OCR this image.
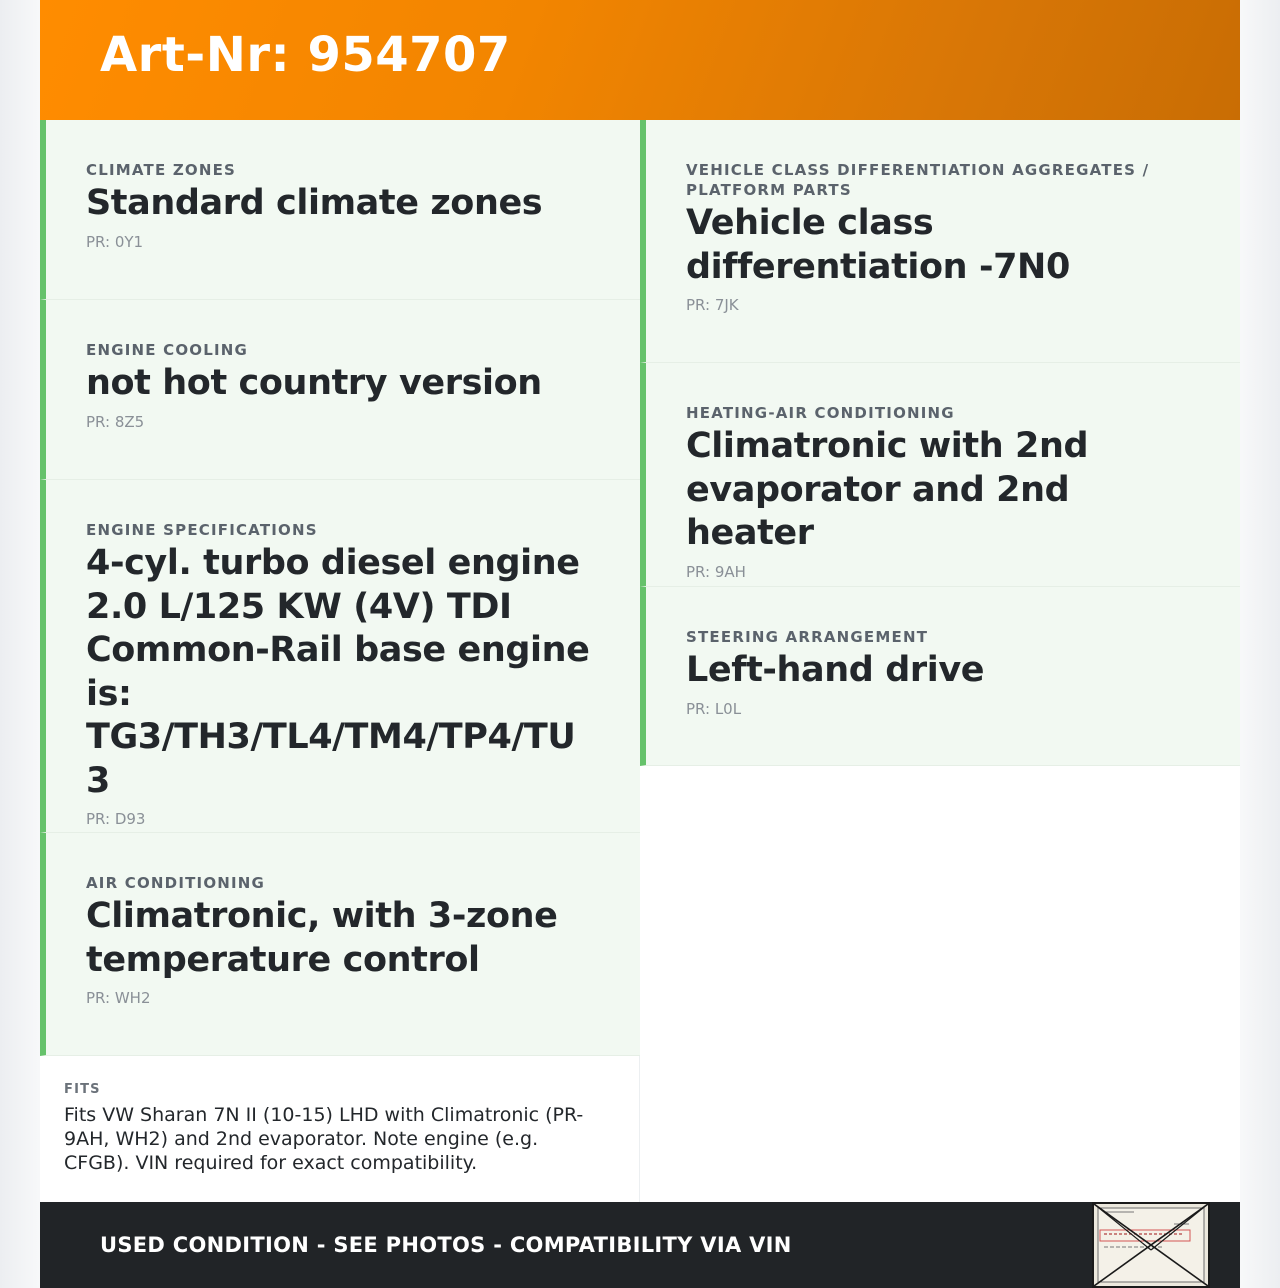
Art-Nr: 954707
CLIMATE ZONES
Standard climate zones
PR: 0Y1
ENGINE COOLING
not hot country version
PR: 8Z5
ENGINE SPECIFICATIONS
4-cyl. turbo diesel engine 2.0 L/125 KW (4V) TDI Common-Rail base engine is: TG3/TH3/TL4/TM4/TP4/TU 3
PR: D93
AIR CONDITIONING
Climatronic, with 3-zone temperature control
PR: WH2
VEHICLE CLASS DIFFERENTIATION AGGREGATES / PLATFORM PARTS
Vehicle class differentiation -7N0
PR: 7JK
HEATING-AIR CONDITIONING
Climatronic with 2nd evaporator and 2nd heater
PR: 9AH
STEERING ARRANGEMENT
Left-hand drive
PR: L0L
FITS
Fits VW Sharan 7N II (10-15) LHD with Climatronic (PR-9AH, WH2) and 2nd evaporator. Note engine (e.g. CFGB). VIN required for exact compatibility.
USED CONDITION - SEE PHOTOS - COMPATIBILITY VIA VIN
